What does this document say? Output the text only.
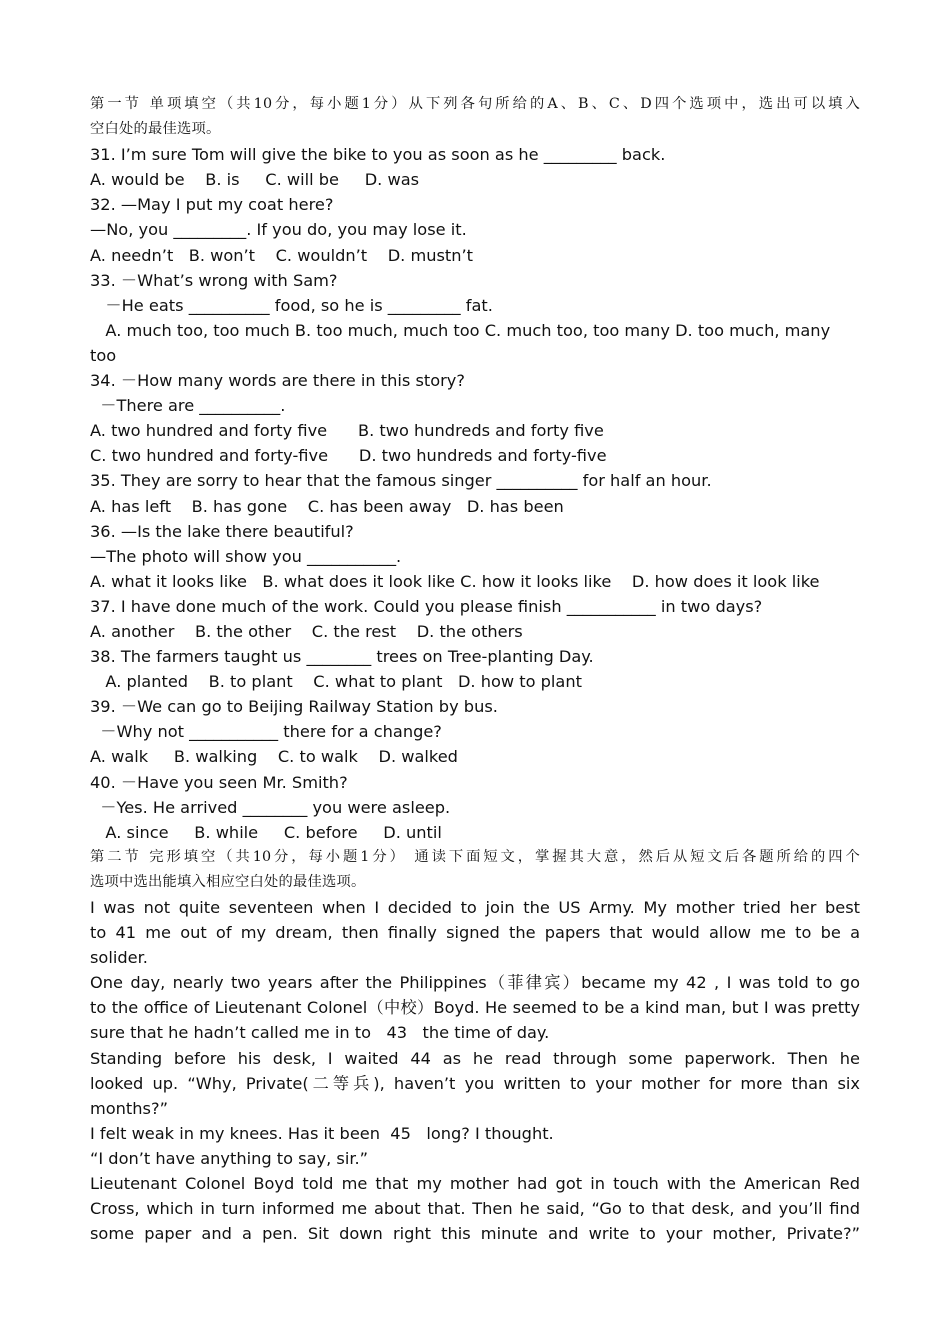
第一节 单项填空（共10分，每小题1分）从下列各句所给的A、B、C、D四个选项中，选出可以填入
空白处的最佳选项。
31. I’m sure Tom will give the bike to you as soon as he _________ back.
A. would be    B. is     C. will be     D. was
32. —May I put my coat here?
—No, you _________. If you do, you may lose it.
A. needn’t   B. won’t    C. wouldn’t    D. mustn’t
33. －What’s wrong with Sam?
－He eats __________ food, so he is _________ fat.
A. much too, too much B. too much, much too C. much too, too many D. too much, many
too
34. －How many words are there in this story?
－There are __________.
A. two hundred and forty five      B. two hundreds and forty five
C. two hundred and forty-five      D. two hundreds and forty-five
35. They are sorry to hear that the famous singer __________ for half an hour.
A. has left    B. has gone    C. has been away   D. has been
36. —Is the lake there beautiful?
—The photo will show you ___________.
A. what it looks like   B. what does it look like C. how it looks like    D. how does it look like
37. I have done much of the work. Could you please finish ___________ in two days?
A. another    B. the other    C. the rest    D. the others
38. The farmers taught us ________ trees on Tree-planting Day.
A. planted    B. to plant    C. what to plant   D. how to plant
39. －We can go to Beijing Railway Station by bus.
－Why not ___________ there for a change?
A. walk     B. walking    C. to walk    D. walked
40. －Have you seen Mr. Smith?
－Yes. He arrived ________ you were asleep.
A. since     B. while     C. before     D. until
第二节 完形填空（共10分，每小题1分） 通读下面短文，掌握其大意，然后从短文后各题所给的四个
选项中选出能填入相应空白处的最佳选项。
I was not quite seventeen when I decided to join the US Army. My mother tried her best
to 41 me out of my dream, then finally signed the papers that would allow me to be a
solider.
One day, nearly two years after the Philippines（菲律宾）became my 42 , I was told to go
to the office of Lieutenant Colonel（中校）Boyd. He seemed to be a kind man, but I was pretty
sure that he hadn’t called me in to   43   the time of day.
Standing before his desk, I waited 44 as he read through some paperwork. Then he
looked up. “Why, Private(二等兵), haven’t you written to your mother for more than six
months?”
I felt weak in my knees. Has it been  45   long? I thought.
“I don’t have anything to say, sir.”
Lieutenant Colonel Boyd told me that my mother had got in touch with the American Red
Cross, which in turn informed me about that. Then he said, “Go to that desk, and you’ll find
some paper and a pen. Sit down right this minute and write to your mother, Private?”
